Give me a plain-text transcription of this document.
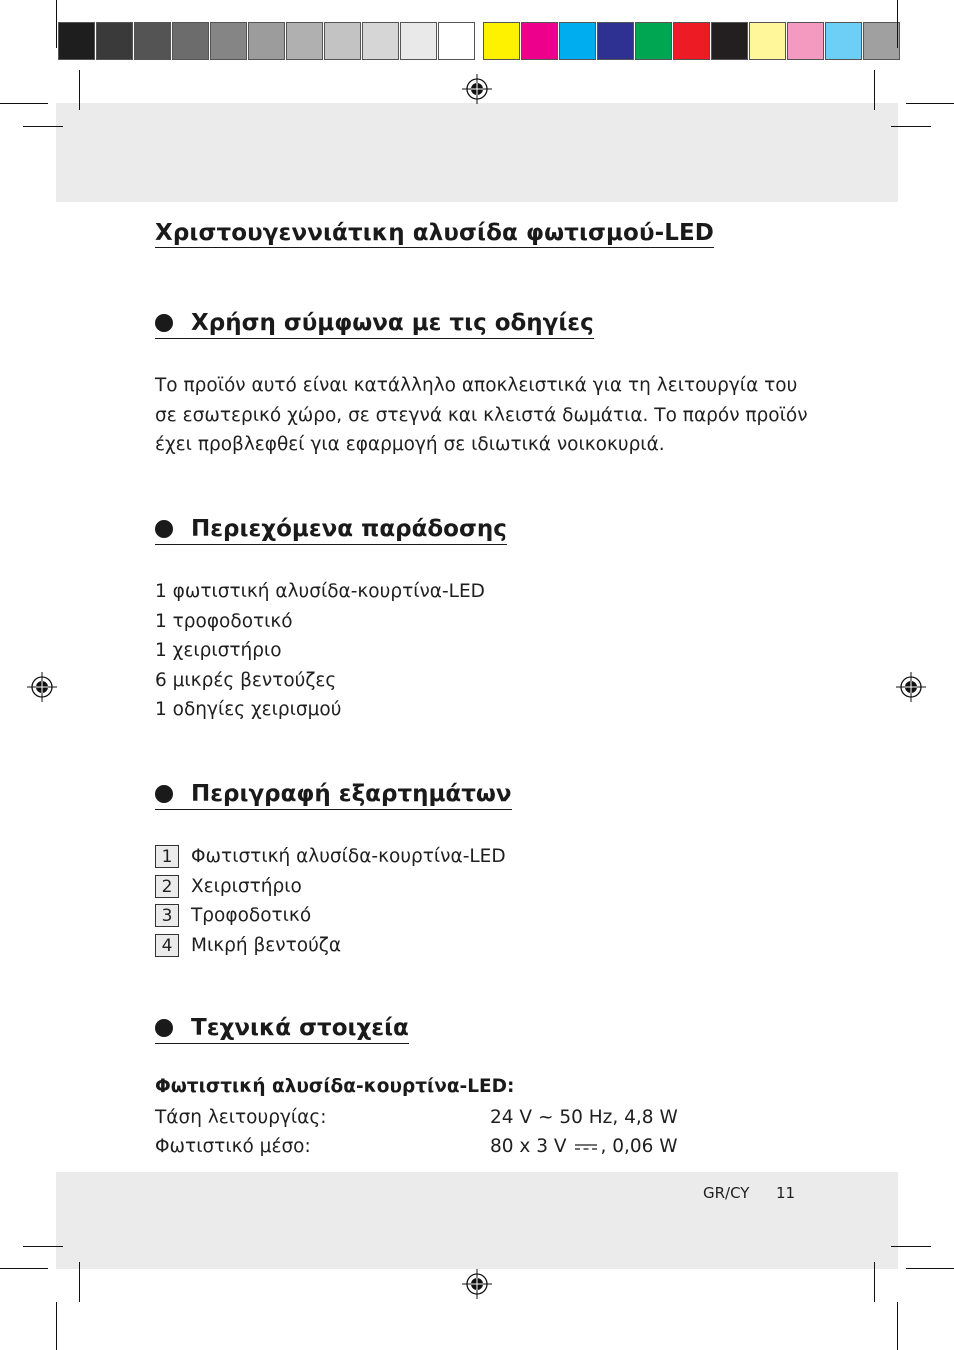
Χριστουγεννιάτικη αλυσίδα φωτισμού-LED
Χρήση σύμφωνα με τις οδηγίες
Το προϊόν αυτό είναι κατάλληλο αποκλειστικά για τη λειτουργία του
σε εσωτερικό χώρο, σε στεγνά και κλειστά δωμάτια. Το παρόν προϊόν
έχει προβλεφθεί για εφαρμογή σε ιδιωτικά νοικοκυριά.
Περιεχόμενα παράδοσης
1 φωτιστική αλυσίδα-κουρτίνα-LED
1 τροφοδοτικό
1 χειριστήριο
6 μικρές βεντούζες
1 οδηγίες χειρισμού
Περιγραφή εξαρτημάτων
1	Φωτιστική αλυσίδα-κουρτίνα-LED
2	Χειριστήριο
3	Τροφοδοτικό
4	Μικρή βεντούζα
Τεχνικά στοιχεία
Φωτιστική αλυσίδα-κουρτίνα-LED:
Τάση λειτουργίας:	24 V ~ 50 Hz, 4,8 W
Φωτιστικό μέσο:	80 x 3 V , 0,06 W
GR/CY 11
